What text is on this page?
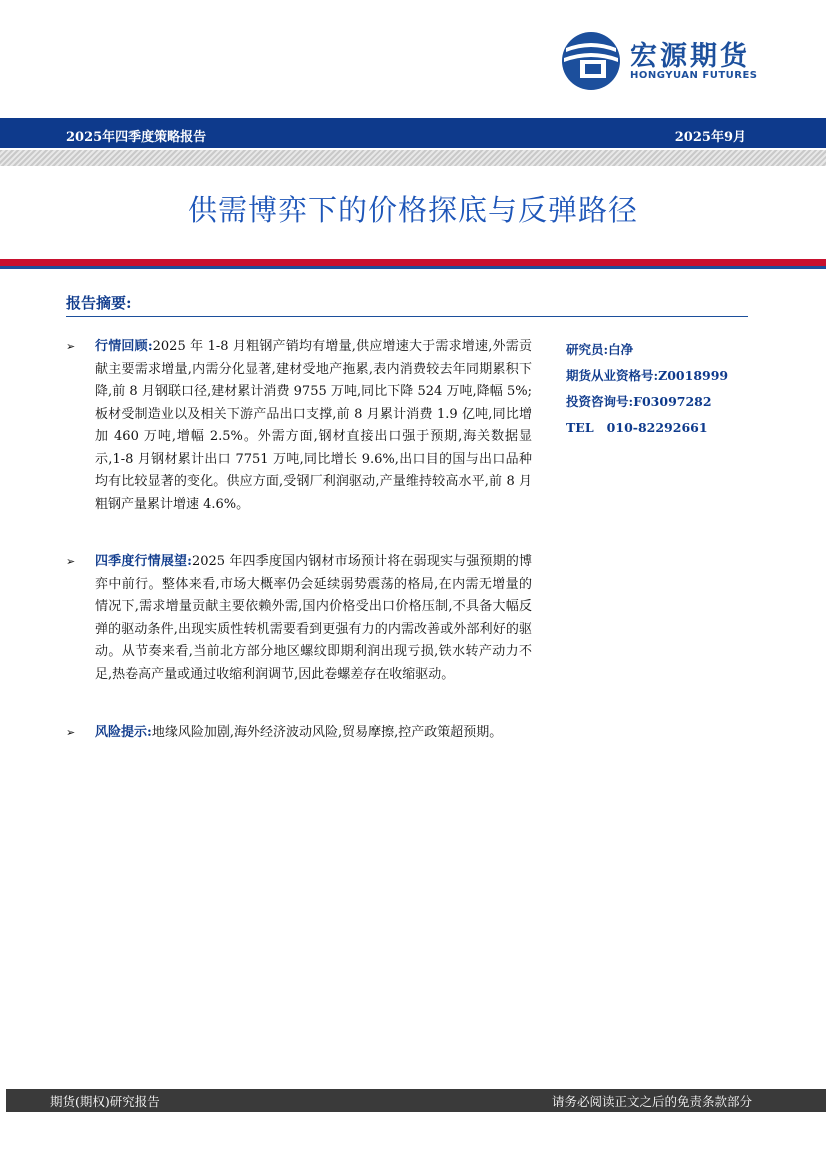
宏源期货
HONGYUAN FUTURES
2025年四季度策略报告	2025年9月
供需博弈下的价格探底与反弹路径
报告摘要:
➢ 行情回顾:2025 年 1-8 月粗钢产销均有增量,供应增速大于需求增速,外需贡献主要需求增量,内需分化显著,建材受地产拖累,表内消费较去年同期累积下降,前 8 月钢联口径,建材累计消费 9755 万吨,同比下降 524 万吨,降幅 5%;板材受制造业以及相关下游产品出口支撑,前 8 月累计消费 1.9 亿吨,同比增加 460 万吨,增幅 2.5%。外需方面,钢材直接出口强于预期,海关数据显示,1-8 月钢材累计出口 7751 万吨,同比增长 9.6%,出口目的国与出口品种均有比较显著的变化。供应方面,受钢厂利润驱动,产量维持较高水平,前 8 月粗钢产量累计增速 4.6%。
➢ 四季度行情展望:2025 年四季度国内钢材市场预计将在弱现实与强预期的博弈中前行。整体来看,市场大概率仍会延续弱势震荡的格局,在内需无增量的情况下,需求增量贡献主要依赖外需,国内价格受出口价格压制,不具备大幅反弹的驱动条件,出现实质性转机需要看到更强有力的内需改善或外部利好的驱动。从节奏来看,当前北方部分地区螺纹即期利润出现亏损,铁水转产动力不足,热卷高产量或通过收缩利润调节,因此卷螺差存在收缩驱动。
➢ 风险提示:地缘风险加剧,海外经济波动风险,贸易摩擦,控产政策超预期。
研究员:白净
期货从业资格号:Z0018999
投资咨询号:F03097282
TEL   010-82292661
期货(期权)研究报告	请务必阅读正文之后的免责条款部分
